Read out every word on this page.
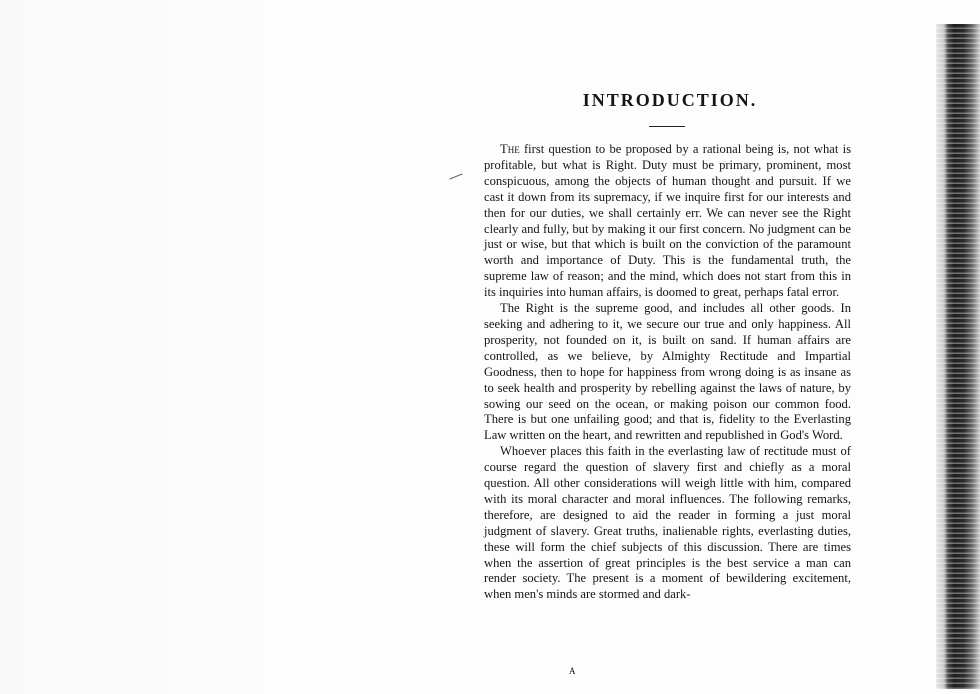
INTRODUCTION.

The first question to be proposed by a rational being is, not what is profitable, but what is Right. Duty must be primary, prominent, most conspicuous, among the objects of human thought and pursuit. If we cast it down from its supremacy, if we inquire first for our interests and then for our duties, we shall certainly err. We can never see the Right clearly and fully, but by making it our first concern. No judgment can be just or wise, but that which is built on the conviction of the paramount worth and importance of Duty. This is the fundamental truth, the supreme law of reason; and the mind, which does not start from this in its inquiries into human affairs, is doomed to great, perhaps fatal error.

The Right is the supreme good, and includes all other goods. In seeking and adhering to it, we secure our true and only happiness. All prosperity, not founded on it, is built on sand. If human affairs are controlled, as we believe, by Almighty Rectitude and Impartial Goodness, then to hope for happiness from wrong doing is as insane as to seek health and prosperity by rebelling against the laws of nature, by sowing our seed on the ocean, or making poison our common food. There is but one unfailing good; and that is, fidelity to the Everlasting Law written on the heart, and rewritten and republished in God's Word.

Whoever places this faith in the everlasting law of rectitude must of course regard the question of slavery first and chiefly as a moral question. All other considerations will weigh little with him, compared with its moral character and moral influences. The following remarks, therefore, are designed to aid the reader in forming a just moral judgment of slavery. Great truths, inalienable rights, everlasting duties, these will form the chief subjects of this discussion. There are times when the assertion of great principles is the best service a man can render society. The present is a moment of bewildering excitement, when men's minds are stormed and dark-

A
